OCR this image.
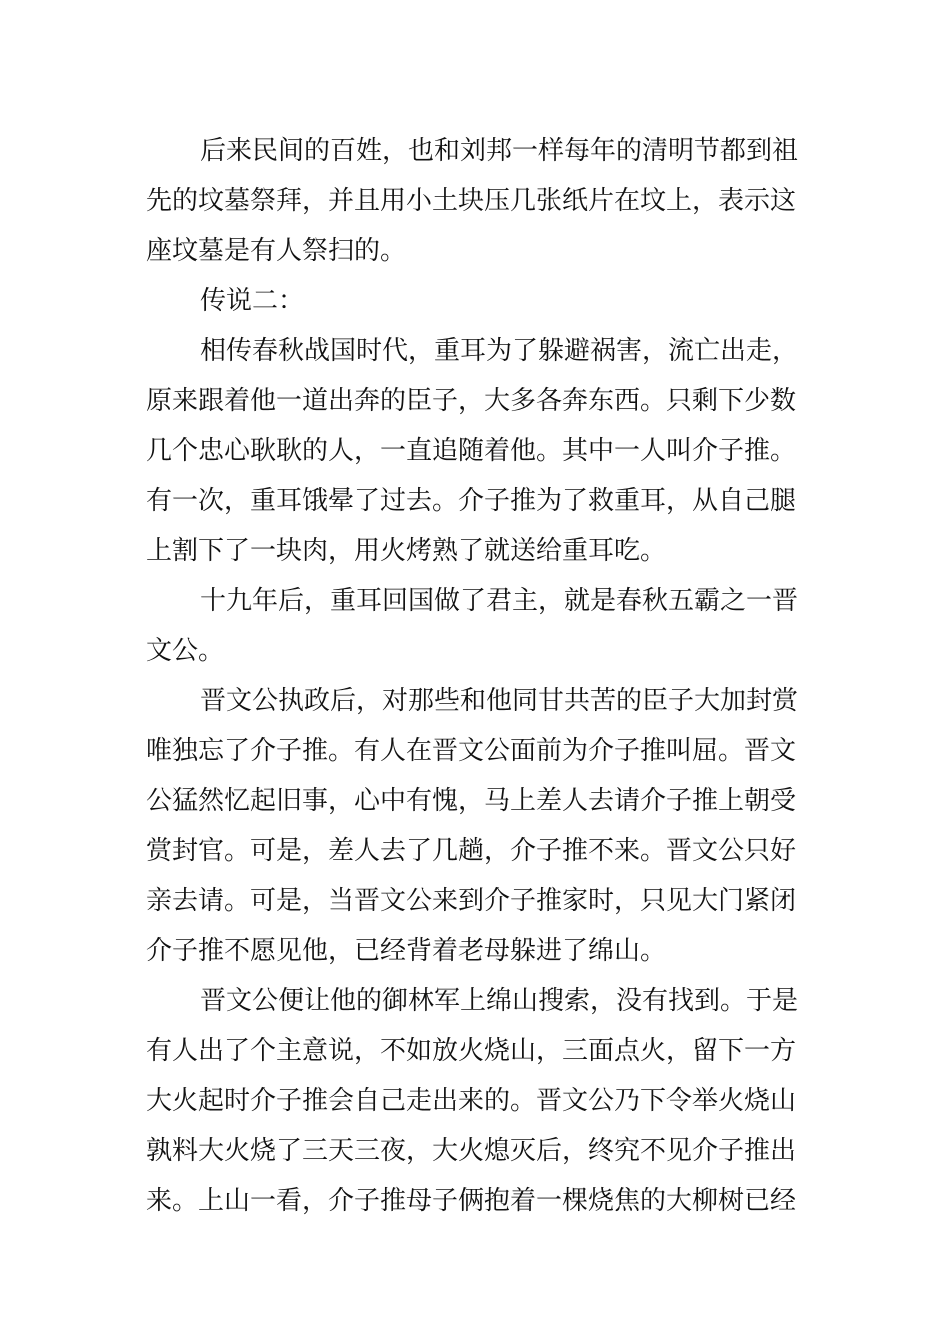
后来民间的百姓，也和刘邦一样每年的清明节都到祖
先的坟墓祭拜，并且用小土块压几张纸片在坟上，表示这
座坟墓是有人祭扫的。
传说二：
相传春秋战国时代，重耳为了躲避祸害，流亡出走，
原来跟着他一道出奔的臣子，大多各奔东西。只剩下少数
几个忠心耿耿的人，一直追随着他。其中一人叫介子推。
有一次，重耳饿晕了过去。介子推为了救重耳，从自己腿
上割下了一块肉，用火烤熟了就送给重耳吃。
十九年后，重耳回国做了君主，就是春秋五霸之一晋
文公。
晋文公执政后，对那些和他同甘共苦的臣子大加封赏
唯独忘了介子推。有人在晋文公面前为介子推叫屈。晋文
公猛然忆起旧事，心中有愧，马上差人去请介子推上朝受
赏封官。可是，差人去了几趟，介子推不来。晋文公只好
亲去请。可是，当晋文公来到介子推家时，只见大门紧闭
介子推不愿见他，已经背着老母躲进了绵山。
晋文公便让他的御林军上绵山搜索，没有找到。于是
有人出了个主意说，不如放火烧山，三面点火，留下一方
大火起时介子推会自己走出来的。晋文公乃下令举火烧山
孰料大火烧了三天三夜，大火熄灭后，终究不见介子推出
来。上山一看，介子推母子俩抱着一棵烧焦的大柳树已经
